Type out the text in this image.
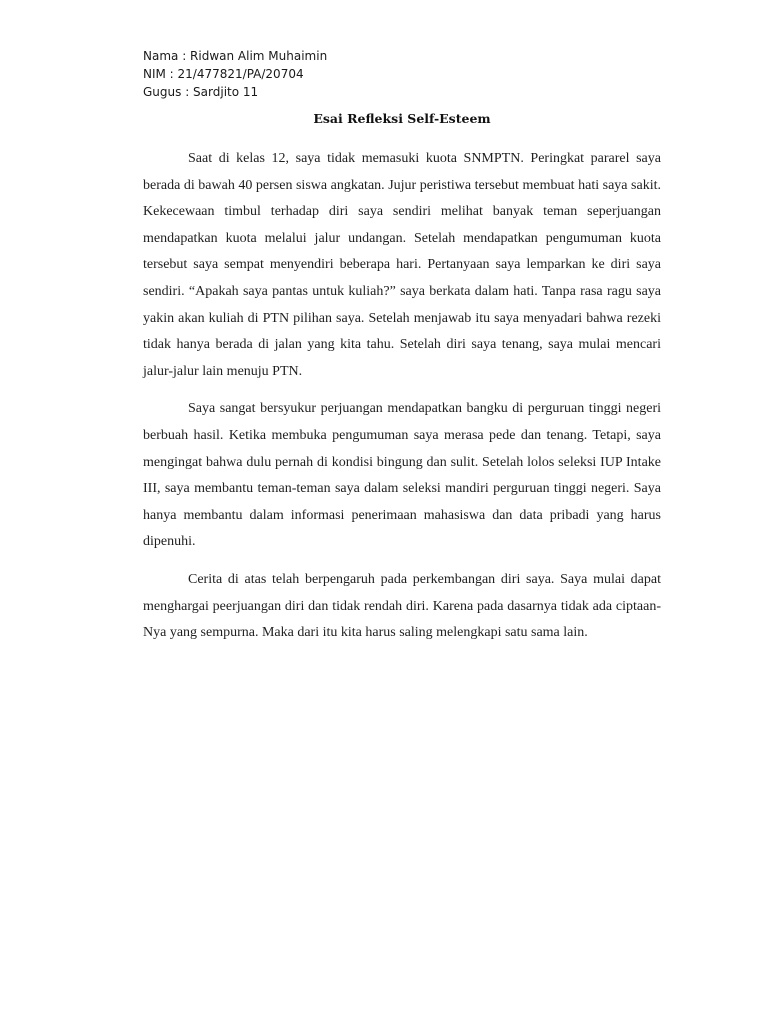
Nama : Ridwan Alim Muhaimin
NIM : 21/477821/PA/20704
Gugus : Sardjito 11
Esai Refleksi Self-Esteem

Saat di kelas 12, saya tidak memasuki kuota SNMPTN. Peringkat pararel saya berada di bawah 40 persen siswa angkatan. Jujur peristiwa tersebut membuat hati saya sakit. Kekecewaan timbul terhadap diri saya sendiri melihat banyak teman seperjuangan mendapatkan kuota melalui jalur undangan. Setelah mendapatkan pengumuman kuota tersebut saya sempat menyendiri beberapa hari. Pertanyaan saya lemparkan ke diri saya sendiri. “Apakah saya pantas untuk kuliah?” saya berkata dalam hati. Tanpa rasa ragu saya yakin akan kuliah di PTN pilihan saya. Setelah menjawab itu saya menyadari bahwa rezeki tidak hanya berada di jalan yang kita tahu. Setelah diri saya tenang, saya mulai mencari jalur-jalur lain menuju PTN.

Saya sangat bersyukur perjuangan mendapatkan bangku di perguruan tinggi negeri berbuah hasil. Ketika membuka pengumuman saya merasa pede dan tenang. Tetapi, saya mengingat bahwa dulu pernah di kondisi bingung dan sulit. Setelah lolos seleksi IUP Intake III, saya membantu teman-teman saya dalam seleksi mandiri perguruan tinggi negeri. Saya hanya membantu dalam informasi penerimaan mahasiswa dan data pribadi yang harus dipenuhi.

Cerita di atas telah berpengaruh pada perkembangan diri saya. Saya mulai dapat menghargai peerjuangan diri dan tidak rendah diri. Karena pada dasarnya tidak ada ciptaan-Nya yang sempurna. Maka dari itu kita harus saling melengkapi satu sama lain.
